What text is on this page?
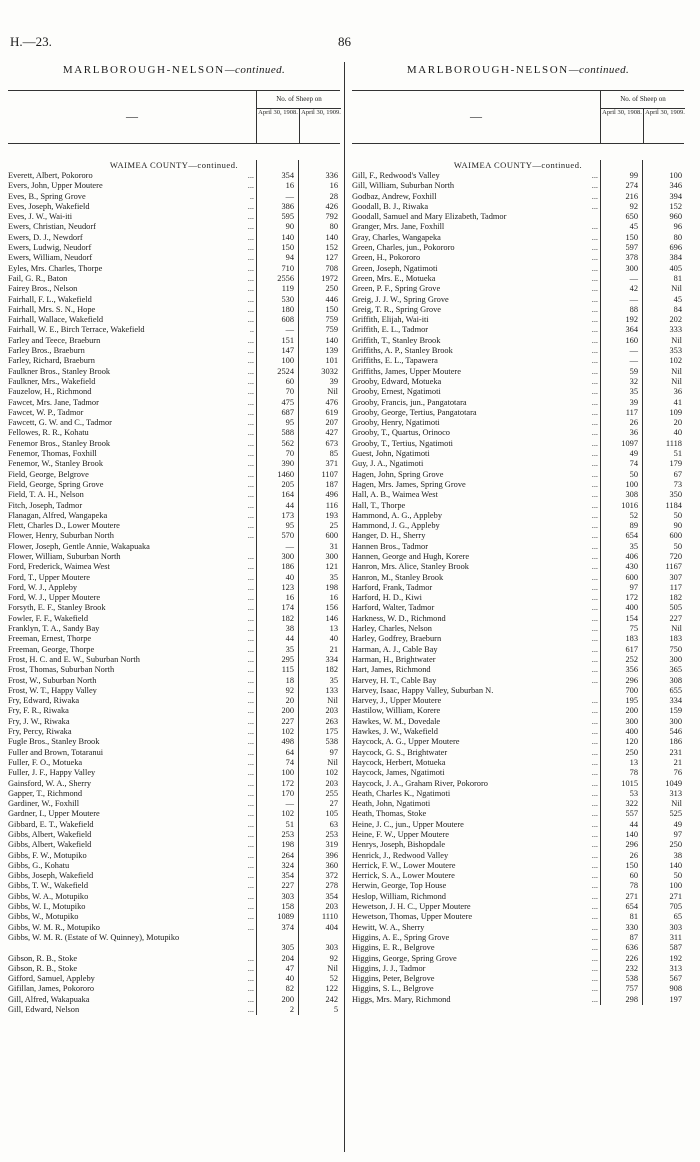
H.—23.	86
MARLBOROUGH-NELSON—continued.
—
No. of Sheep on
April 30, 1908. April 30, 1909.
WAIMEA COUNTY—continued.
Everett, Albert, Pokororo	...	354	336
Evers, John, Upper Moutere	...	16	16
Eves, B., Spring Grove	..	—	28
Eves, Joseph, Wakefield	...	386	426
Eves, J. W., Wai-iti	...	595	792
Ewers, Christian, Neudorf	...	90	80
Ewers, D. J., Newdorf	...	140	140
Ewers, Ludwig, Neudorf	...	150	152
Ewers, William, Neudorf	...	94	127
Eyles, Mrs. Charles, Thorpe	...	710	708
Fail, G. R., Baton	...	2556	1972
Fairey Bros., Nelson	...	119	250
Fairhall, F. L., Wakefield	...	530	446
Fairhall, Mrs. S. N., Hope	...	180	150
Fairhall, Wallace, Wakefield	...	608	759
Fairhall, W. E., Birch Terrace, Wakefield	..	—	759
Farley and Teece, Braeburn	...	151	140
Farley Bros., Braeburn	...	147	139
Farley, Richard, Braeburn	...	100	101
Faulkner Bros., Stanley Brook	...	2524	3032
Faulkner, Mrs., Wakefield	...	60	39
Fauzelow, H., Richmond	...	70	Nil
Fawcet, Mrs. Jane, Tadmor	...	475	476
Fawcet, W. P., Tadmor	...	687	619
Fawcett, G. W. and C., Tadmor	...	95	207
Fellowes, R. R., Kohatu	...	588	427
Fenemor Bros., Stanley Brook	...	562	673
Fenemor, Thomas, Foxhill	...	70	85
Fenemor, W., Stanley Brook	...	390	371
Field, George, Belgrove	...	1460	1107
Field, George, Spring Grove	...	205	187
Field, T. A. H., Nelson	...	164	496
Fitch, Joseph, Tadmor	...	44	116
Flanagan, Alfred, Wangapeka	...	173	193
Flett, Charles D., Lower Moutere	...	95	25
Flower, Henry, Suburban North	...	570	600
Flower, Joseph, Gentle Annie, Wakapuaka	—	31
Flower, William, Suburban North	...	300	300
Ford, Frederick, Waimea West	...	186	121
Ford, T., Upper Moutere	...	40	35
Ford, W. J., Appleby	...	123	198
Ford, W. J., Upper Moutere	...	16	16
Forsyth, E. F., Stanley Brook	...	174	156
Fowler, F. F., Wakefield	...	182	146
Franklyn, T. A., Sandy Bay	...	38	13
Freeman, Ernest, Thorpe	...	44	40
Freeman, George, Thorpe	...	35	21
Frost, H. C. and E. W., Suburban North	...	295	334
Frost, Thomas, Suburban North	...	115	182
Frost, W., Suburban North	...	18	35
Frost, W. T., Happy Valley	...	92	133
Fry, Edward, Riwaka	...	20	Nil
Fry, F. R., Riwaka	...	200	203
Fry, J. W., Riwaka	...	227	263
Fry, Percy, Riwaka	...	102	175
Fugle Bros., Stanley Brook	...	498	538
Fuller and Brown, Totaranui	...	64	97
Fuller, F. O., Motueka	...	74	Nil
Fuller, J. F., Happy Valley	...	100	102
Gainsford, W. A., Sherry	...	172	203
Gapper, T., Richmond	...	170	255
Gardiner, W., Foxhill	...	—	27
Gardner, I., Upper Moutere	...	102	105
Gibbard, E. T., Wakefield	...	51	63
Gibbs, Albert, Wakefield	...	253	253
Gibbs, Albert, Wakefield	...	198	319
Gibbs, F. W., Motupiko	...	264	396
Gibbs, G., Kohatu	...	324	360
Gibbs, Joseph, Wakefield	...	354	372
Gibbs, T. W., Wakefield	...	227	278
Gibbs, W. A., Motupiko	...	303	354
Gibbs, W. I., Motupiko	...	158	203
Gibbs, W., Motupiko	...	1089	1110
Gibbs, W. M. R., Motupiko	...	374	404
Gibbs, W. M. R. (Estate of W. Quinney), Motupiko
305	303
Gibson, R. B., Stoke	...	204	92
Gibson, R. B., Stoke	...	47	Nil
Gifford, Samuel, Appleby	...	40	52
Gifillan, James, Pokororo	...	82	122
Gill, Alfred, Wakapuaka	...	200	242
Gill, Edward, Nelson	...	2	5
MARLBOROUGH-NELSON—continued.
—
No. of Sheep on
April 30, 1908. April 30, 1909.
WAIMEA COUNTY—continued.
Gill, F., Redwood's Valley	...	99	100
Gill, William, Suburban North	...	274	346
Godbaz, Andrew, Foxhill	...	216	394
Goodall, B. J., Riwaka	...	92	152
Goodall, Samuel and Mary Elizabeth, Tadmor	650	960
Granger, Mrs. Jane, Foxhill	...	45	96
Gray, Charles, Wangapeka	...	150	80
Green, Charles, jun., Pokororo	...	597	696
Green, H., Pokororo	...	378	384
Green, Joseph, Ngatimoti	...	300	405
Green, Mrs. E., Motueka	...	—	81
Green, P. F., Spring Grove	...	42	Nil
Greig, J. J. W., Spring Grove	...	—	45
Greig, T. R., Spring Grove	...	88	84
Griffith, Elijah, Wai-iti	...	192	202
Griffith, E. L., Tadmor	...	364	333
Griffith, T., Stanley Brook	...	160	Nil
Griffiths, A. P., Stanley Brook	...	—	353
Griffiths, E. L., Tapawera	...	—	102
Griffiths, James, Upper Moutere	...	59	Nil
Grooby, Edward, Motueka	...	32	Nil
Grooby, Ernest, Ngatimoti	...	35	36
Grooby, Francis, jun., Pangatotara	...	39	41
Grooby, George, Tertius, Pangatotara	...	117	109
Grooby, Henry, Ngatimoti	...	26	20
Grooby, T., Quartus, Orinoco	...	36	40
Grooby, T., Tertius, Ngatimoti	...	1097	1118
Guest, John, Ngatimoti	...	49	51
Guy, J. A., Ngatimoti	...	74	179
Hagen, John, Spring Grove	...	50	67
Hagen, Mrs. James, Spring Grove	...	100	73
Hall, A. B., Waimea West	...	308	350
Hall, T., Thorpe	...	1016	1184
Hammond, A. G., Appleby	...	52	50
Hammond, J. G., Appleby	...	89	90
Hanger, D. H., Sherry	...	654	600
Hannen Bros., Tadmor	...	35	50
Hannen, George and Hugh, Korere	...	406	720
Hanron, Mrs. Alice, Stanley Brook	...	430	1167
Hanron, M., Stanley Brook	...	600	307
Harford, Frank, Tadmor	...	97	117
Harford, H. D., Kiwi	...	172	182
Harford, Walter, Tadmor	...	400	505
Harkness, W. D., Richmond	...	154	227
Harley, Charles, Nelson	...	75	Nil
Harley, Godfrey, Braeburn	...	183	183
Harman, A. J., Cable Bay	...	617	750
Harman, H., Brightwater	...	252	300
Hart, James, Richmond	...	356	365
Harvey, H. T., Cable Bay	...	296	308
Harvey, Isaac, Happy Valley, Suburban N.	700	655
Harvey, J., Upper Moutere	...	195	334
Hastilow, William, Korere	...	200	159
Hawkes, W. M., Dovedale	...	300	300
Hawkes, J. W., Wakefield	...	400	546
Haycock, A. G., Upper Moutere	...	120	186
Haycock, G. S., Brightwater	...	250	231
Haycock, Herbert, Motueka	...	13	21
Haycock, James, Ngatimoti	...	78	76
Haycock, J. A., Graham River, Pokororo	...	1015	1049
Heath, Charles K., Ngatimoti	...	53	313
Heath, John, Ngatimoti	...	322	Nil
Heath, Thomas, Stoke	...	557	525
Heine, J. C., jun., Upper Moutere	...	44	49
Heine, F. W., Upper Moutere	...	140	97
Henrys, Joseph, Bishopdale	...	296	250
Henrick, J., Redwood Valley	...	26	38
Herrick, F. W., Lower Moutere	...	150	140
Herrick, S. A., Lower Moutere	...	60	50
Herwin, George, Top House	...	78	100
Heslop, William, Richmond	...	271	271
Hewetson, J. H. C., Upper Moutere	...	654	705
Hewetson, Thomas, Upper Moutere	...	81	65
Hewitt, W. A., Sherry	...	330	303
Higgins, A. E., Spring Grove	...	87	311
Higgins, E. R., Belgrove	...	636	587
Higgins, George, Spring Grove	...	226	192
Higgins, J. J., Tadmor	...	232	313
Higgins, Peter, Belgrove	...	538	567
Higgins, S. L., Belgrove	...	757	908
Higgs, Mrs. Mary, Richmond	...	298	197
